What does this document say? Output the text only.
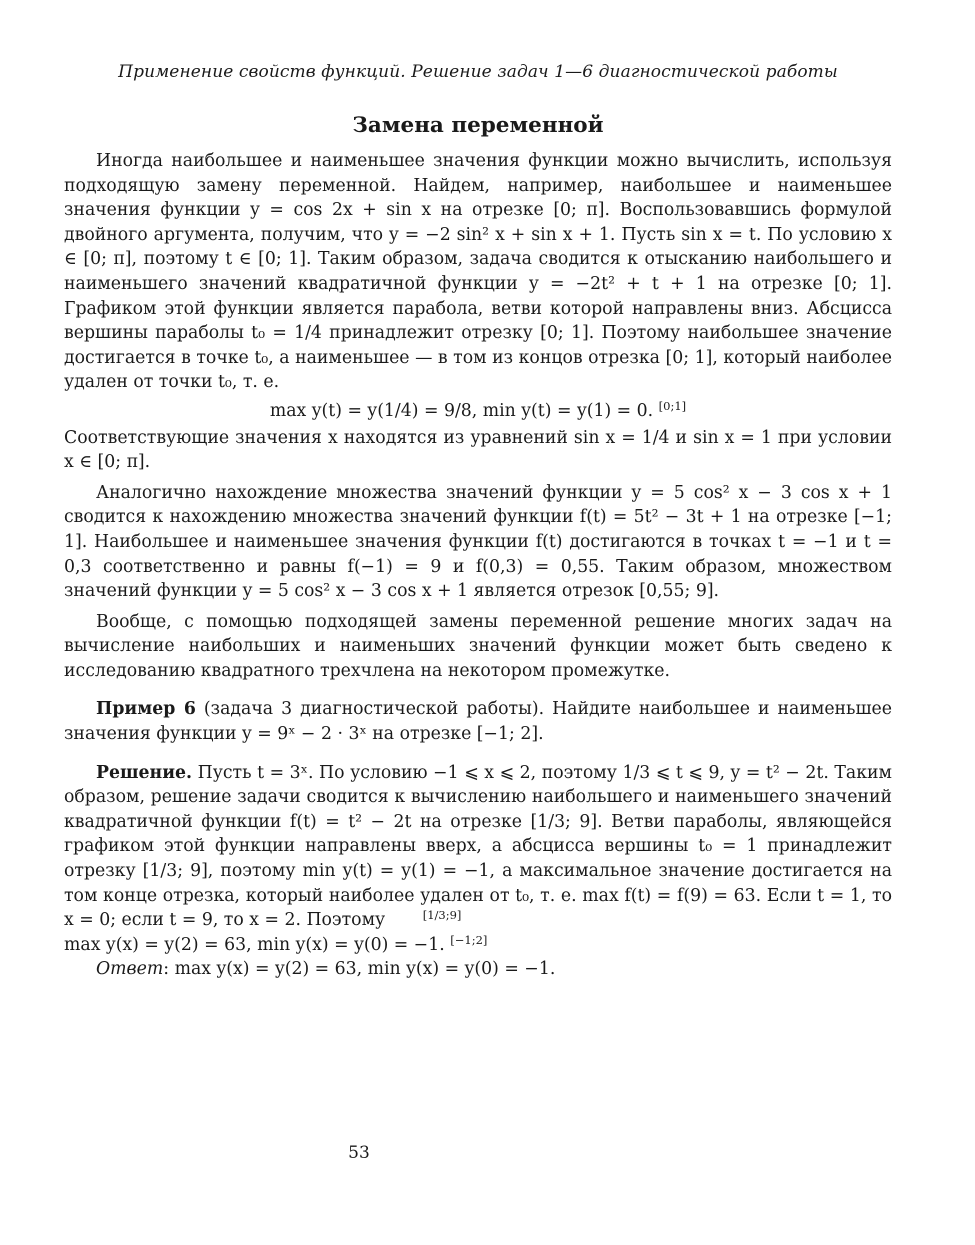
Применение свойств функций. Решение задач 1—6 диагностической работы
Замена переменной

Иногда наибольшее и наименьшее значения функции можно вычислить, используя подходящую замену переменной. Найдем, например, наибольшее и наименьшее значения функции y = cos 2x + sin x на отрезке [0; π]. Воспользовавшись формулой двойного аргумента, получим, что y = −2 sin² x + sin x + 1. Пусть sin x = t. По условию x ∈ [0; π], поэтому t ∈ [0; 1]. Таким образом, задача сводится к отысканию наибольшего и наименьшего значений квадратичной функции y = −2t² + t + 1 на отрезке [0; 1]. Графиком этой функции является парабола, ветви которой направлены вниз. Абсцисса вершины параболы t₀ = 1/4 принадлежит отрезку [0; 1]. Поэтому наибольшее значение достигается в точке t₀, а наименьшее — в том из концов отрезка [0; 1], который наиболее удален от точки t₀, т. е.

max y(t) = y(1/4) = 9/8, min y(t) = y(1) = 0. [0;1]

Соответствующие значения x находятся из уравнений sin x = 1/4 и sin x = 1 при условии x ∈ [0; π].

Аналогично нахождение множества значений функции y = 5 cos² x − 3 cos x + 1 сводится к нахождению множества значений функции f(t) = 5t² − 3t + 1 на отрезке [−1; 1]. Наибольшее и наименьшее значения функции f(t) достигаются в точках t = −1 и t = 0,3 соответственно и равны f(−1) = 9 и f(0,3) = 0,55. Таким образом, множеством значений функции y = 5 cos² x − 3 cos x + 1 является отрезок [0,55; 9].

Вообще, с помощью подходящей замены переменной решение многих задач на вычисление наибольших и наименьших значений функции может быть сведено к исследованию квадратного трехчлена на некотором промежутке.

Пример 6 (задача 3 диагностической работы). Найдите наибольшее и наименьшее значения функции y = 9ˣ − 2 · 3ˣ на отрезке [−1; 2].

Решение. Пусть t = 3ˣ. По условию −1 ⩽ x ⩽ 2, поэтому 1/3 ⩽ t ⩽ 9, y = t² − 2t. Таким образом, решение задачи сводится к вычислению наибольшего и наименьшего значений квадратичной функции f(t) = t² − 2t на отрезке [1/3; 9]. Ветви параболы, являющейся графиком этой функции направлены вверх, а абсцисса вершины t₀ = 1 принадлежит отрезку [1/3; 9], поэтому min y(t) = y(1) = −1, а максимальное значение достигается на том конце отрезка, который наиболее удален от t₀, т. е. max f(t) = f(9) = 63. Если t = 1, то x = 0; если t = 9, то x = 2. Поэтому	[1/3;9]

max y(x) = y(2) = 63, min y(x) = y(0) = −1. [−1;2]

Ответ: max y(x) = y(2) = 63, min y(x) = y(0) = −1.

53
